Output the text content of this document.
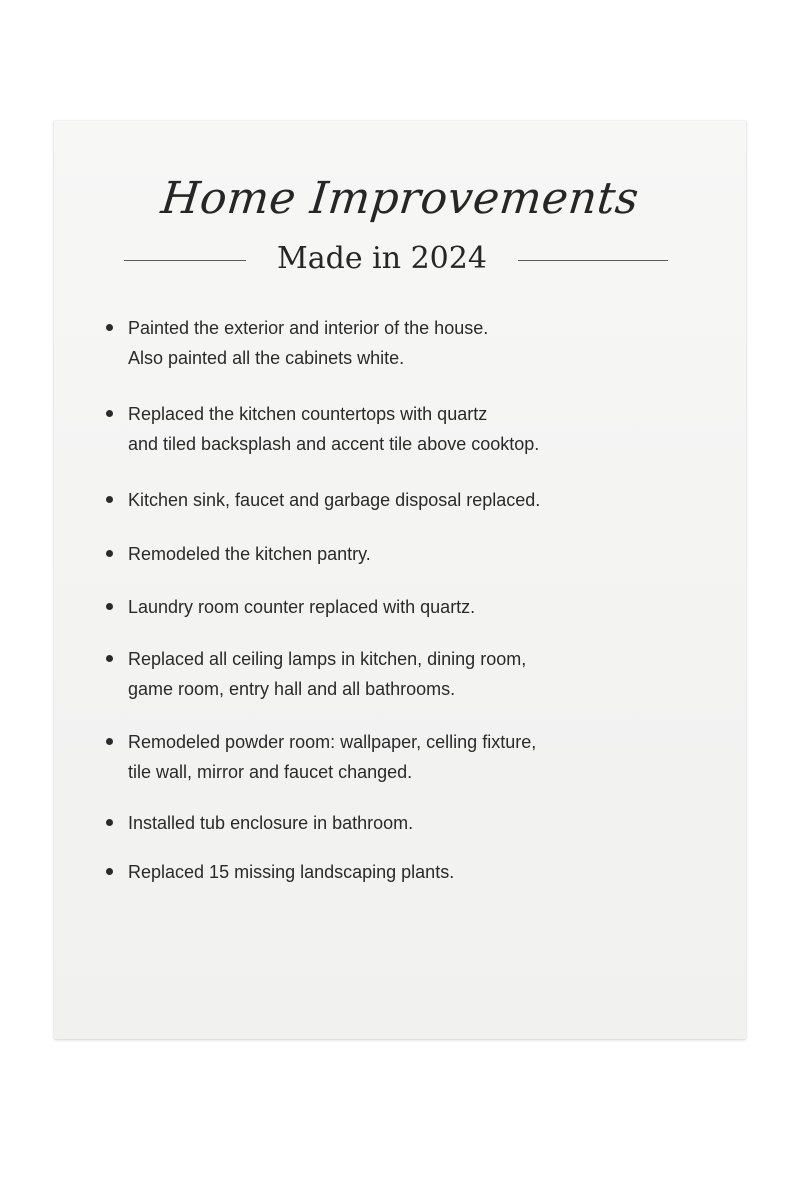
Home Improvements
Made in 2024
Painted the exterior and interior of the house.
Also painted all the cabinets white.
Replaced the kitchen countertops with quartz
and tiled backsplash and accent tile above cooktop.
Kitchen sink, faucet and garbage disposal replaced.
Remodeled the kitchen pantry.
Laundry room counter replaced with quartz.
Replaced all ceiling lamps in kitchen, dining room,
game room, entry hall and all bathrooms.
Remodeled powder room: wallpaper, celling fixture,
tile wall, mirror and faucet changed.
Installed tub enclosure in bathroom.
Replaced 15 missing landscaping plants.
